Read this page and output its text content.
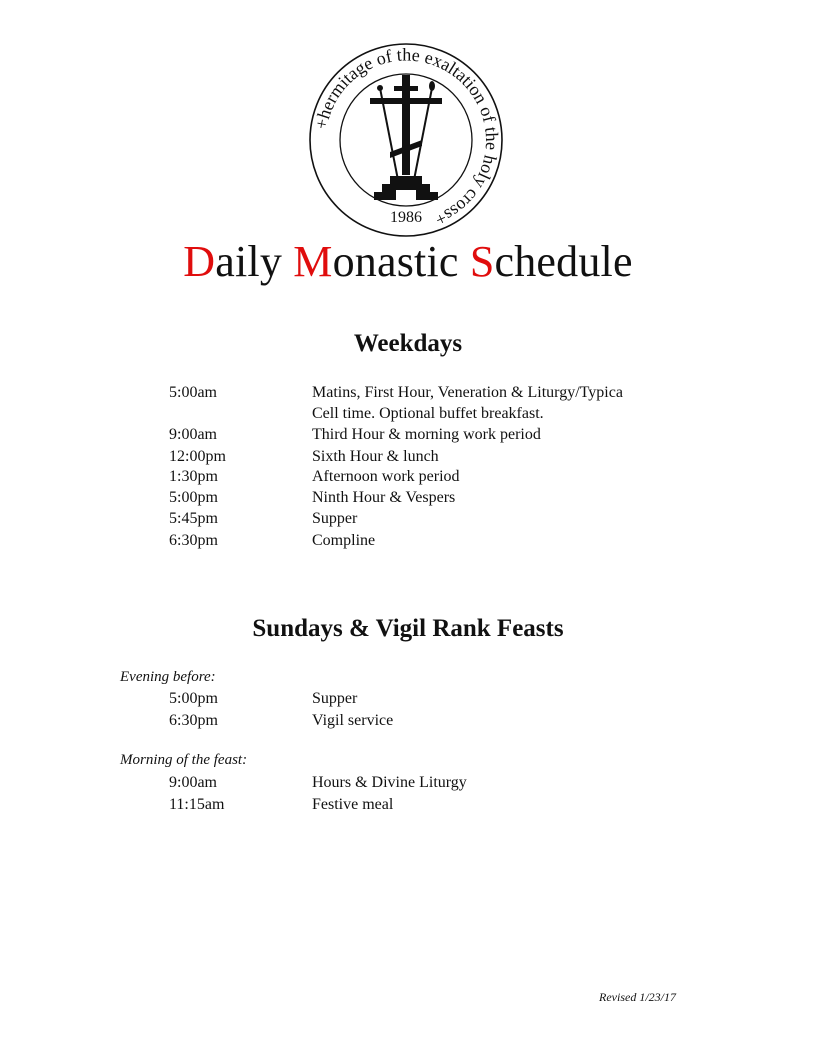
+hermitage of the exaltation of the holy cross+
1986
Daily Monastic Schedule
Weekdays
5:00am	Matins, First Hour, Veneration & Liturgy/Typica
Cell time. Optional buffet breakfast.
9:00am	Third Hour & morning work period
12:00pm	Sixth Hour & lunch
1:30pm	Afternoon work period
5:00pm	Ninth Hour & Vespers
5:45pm	Supper
6:30pm	Compline
Sundays & Vigil Rank Feasts
Evening before:
5:00pm	Supper
6:30pm	Vigil service
Morning of the feast:
9:00am	Hours & Divine Liturgy
11:15am	Festive meal
Revised 1/23/17
